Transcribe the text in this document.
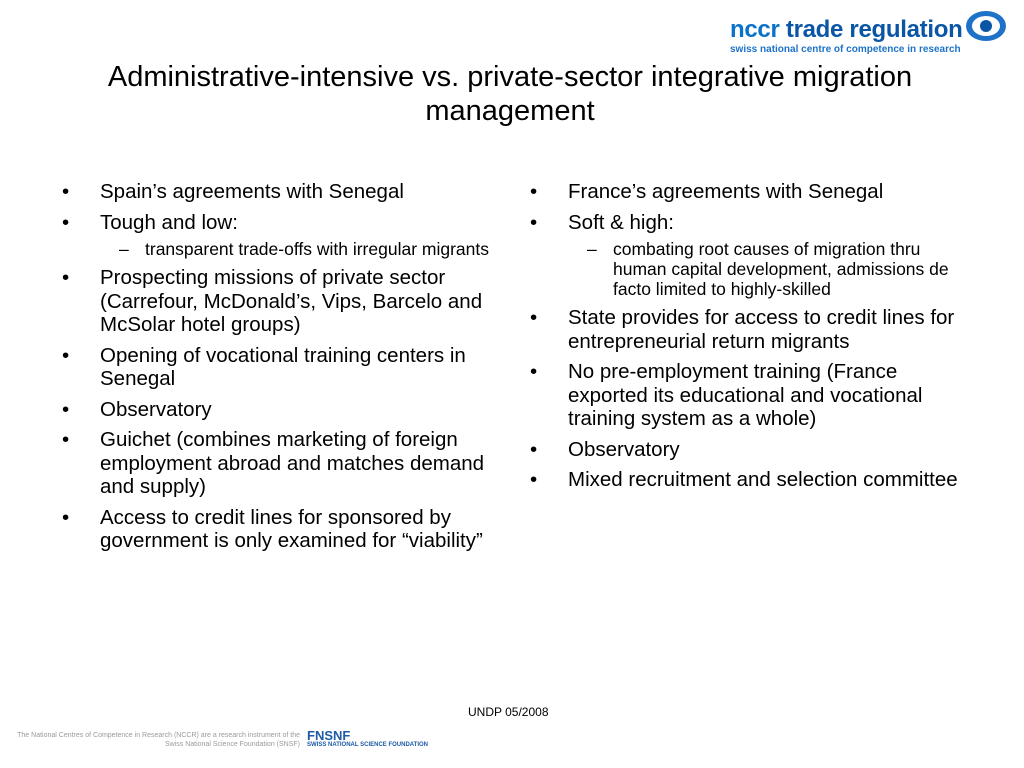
nccr trade regulation
swiss national centre of competence in research
Administrative-intensive vs. private-sector integrative migration management
• Spain’s agreements with Senegal
• Tough and low:
– transparent trade-offs with irregular migrants
• Prospecting missions of private sector (Carrefour, McDonald’s, Vips, Barcelo and McSolar hotel groups)
• Opening of vocational training centers in Senegal
• Observatory
• Guichet (combines marketing of foreign employment abroad and matches demand and supply)
• Access to credit lines for sponsored by government is only examined for “viability”
• France’s agreements with Senegal
• Soft & high:
– combating root causes of migration thru human capital development, admissions de facto limited to highly-skilled
• State provides for access to credit lines for entrepreneurial return migrants
• No pre-employment training (France exported its educational and vocational training system as a whole)
• Observatory
• Mixed recruitment and selection committee
UNDP 05/2008
The National Centres of Competence in Research (NCCR) are a research instrument of the Swiss National Science Foundation (SNSF)
FNSNF
SWISS NATIONAL SCIENCE FOUNDATION
